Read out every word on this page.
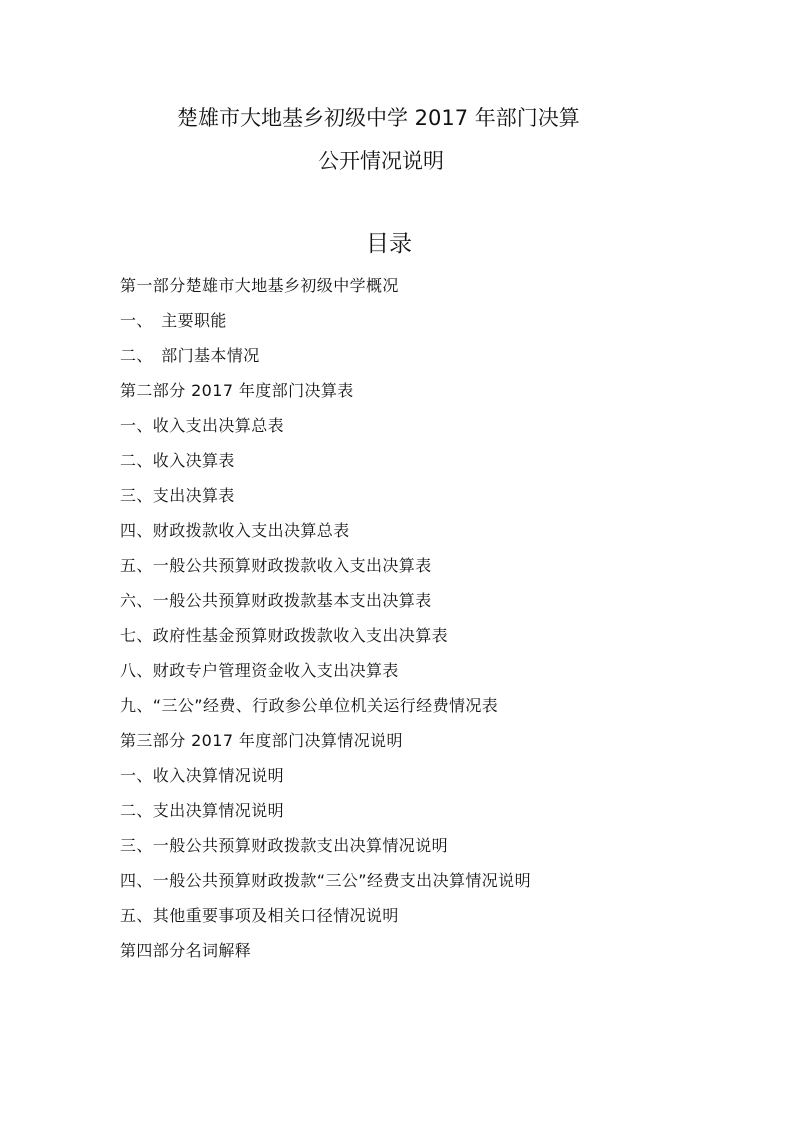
楚雄市大地基乡初级中学 2017 年部门决算
公开情况说明
目录
第一部分楚雄市大地基乡初级中学概况
一、　主要职能
二、　部门基本情况
第二部分 2017 年度部门决算表
一、收入支出决算总表
二、收入决算表
三、支出决算表
四、财政拨款收入支出决算总表
五、一般公共预算财政拨款收入支出决算表
六、一般公共预算财政拨款基本支出决算表
七、政府性基金预算财政拨款收入支出决算表
八、财政专户管理资金收入支出决算表
九、“三公”经费、行政参公单位机关运行经费情况表
第三部分 2017 年度部门决算情况说明
一、收入决算情况说明
二、支出决算情况说明
三、一般公共预算财政拨款支出决算情况说明
四、一般公共预算财政拨款“三公”经费支出决算情况说明
五、其他重要事项及相关口径情况说明
第四部分名词解释
